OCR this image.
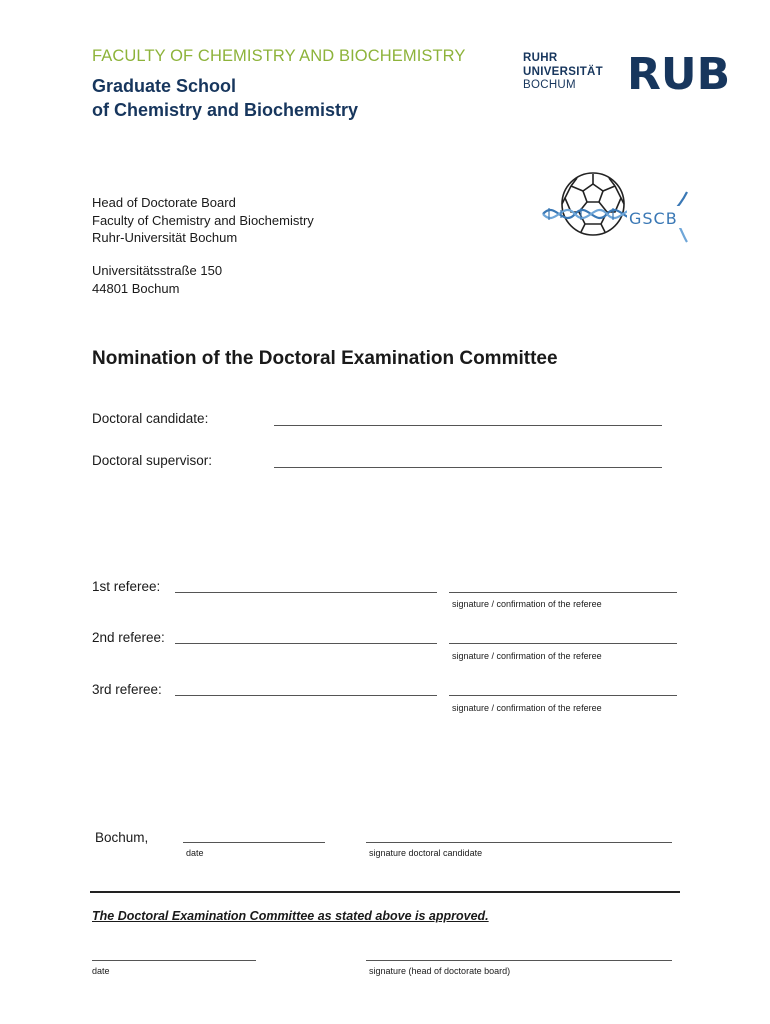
FACULTY OF CHEMISTRY AND BIOCHEMISTRY
Graduate School
of Chemistry and Biochemistry
RUHR
UNIVERSITÄT
BOCHUM	RUB
Head of Doctorate Board
Faculty of Chemistry and Biochemistry
Ruhr-Universität Bochum
Universitätsstraße 150
44801 Bochum
GSCB
Nomination of the Doctoral Examination Committee
Doctoral candidate:
Doctoral supervisor:
1st referee:
signature / confirmation of the referee
2nd referee:
signature / confirmation of the referee
3rd referee:
signature / confirmation of the referee
Bochum,
date	signature doctoral candidate
The Doctoral Examination Committee as stated above is approved.
date	signature (head of doctorate board)
